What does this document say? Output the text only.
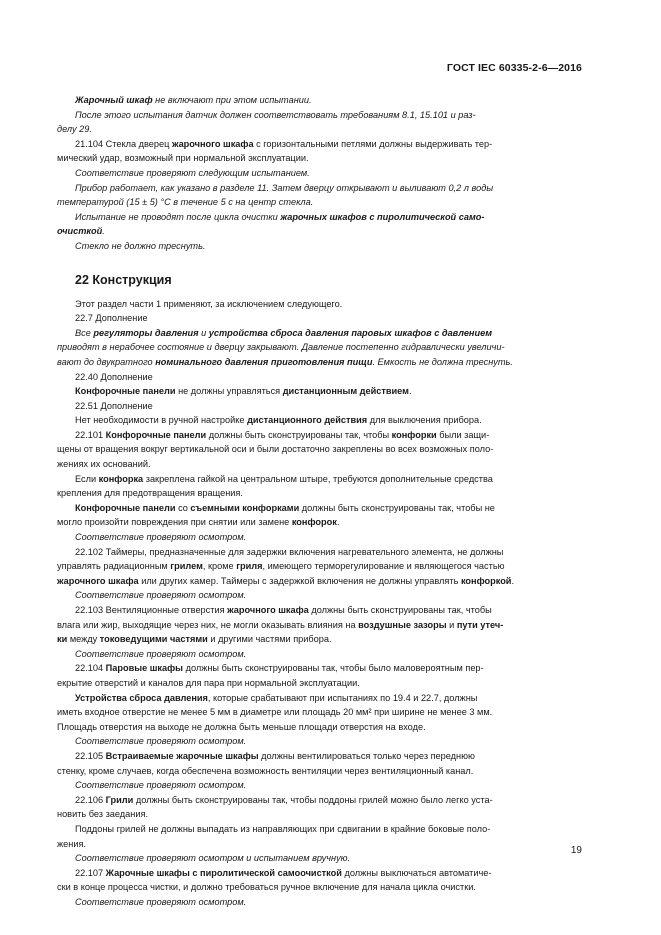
ГОСТ IEC 60335-2-6—2016

Жарочный шкаф не включают при этом испытании.

После этого испытания датчик должен соответствовать требованиям 8.1, 15.101 и раз-
делу 29.

21.104 Стекла дверец жарочного шкафа с горизонтальными петлями должны выдерживать тер-
мический удар, возможный при нормальной эксплуатации.

Соответствие проверяют следующим испытанием.

Прибор работает, как указано в разделе 11. Затем дверцу открывают и выливают 0,2 л воды
температурой (15 ± 5) °С в течение 5 с на центр стекла.

Испытание не проводят после цикла очистки жарочных шкафов с пиролитической само-
очисткой.

Стекло не должно треснуть.

22 Конструкция

Этот раздел части 1 применяют, за исключением следующего.

22.7 Дополнение

Все регуляторы давления и устройства сброса давления паровых шкафов с давлением
приводят в нерабочее состояние и дверцу закрывают. Давление постепенно гидравлически увеличи-
вают до двукратного номинального давления приготовления пищи. Емкость не должна треснуть.

22.40 Дополнение

Конфорочные панели не должны управляться дистанционным действием.

22.51 Дополнение

Нет необходимости в ручной настройке дистанционного действия для выключения прибора.

22.101 Конфорочные панели должны быть сконструированы так, чтобы конфорки были защи-
щены от вращения вокруг вертикальной оси и были достаточно закреплены во всех возможных поло-
жениях их оснований.

Если конфорка закреплена гайкой на центральном штыре, требуются дополнительные средства
крепления для предотвращения вращения.

Конфорочные панели со съемными конфорками должны быть сконструированы так, чтобы не
могло произойти повреждения при снятии или замене конфорок.

Соответствие проверяют осмотром.

22.102 Таймеры, предназначенные для задержки включения нагревательного элемента, не должны
управлять радиационным грилем, кроме гриля, имеющего терморегулирование и являющегося частью
жарочного шкафа или других камер. Таймеры с задержкой включения не должны управлять конфоркой.

Соответствие проверяют осмотром.

22.103 Вентиляционные отверстия жарочного шкафа должны быть сконструированы так, чтобы
влага или жир, выходящие через них, не могли оказывать влияния на воздушные зазоры и пути утеч-
ки между токоведущими частями и другими частями прибора.

Соответствие проверяют осмотром.

22.104 Паровые шкафы должны быть сконструированы так, чтобы было маловероятным пер-
екрытие отверстий и каналов для пара при нормальной эксплуатации.

Устройства сброса давления, которые срабатывают при испытаниях по 19.4 и 22.7, должны
иметь входное отверстие не менее 5 мм в диаметре или площадь 20 мм² при ширине не менее 3 мм.
Площадь отверстия на выходе не должна быть меньше площади отверстия на входе.

Соответствие проверяют осмотром.

22.105 Встраиваемые жарочные шкафы должны вентилироваться только через переднюю
стенку, кроме случаев, когда обеспечена возможность вентиляции через вентиляционный канал.

Соответствие проверяют осмотром.

22.106 Грили должны быть сконструированы так, чтобы поддоны грилей можно было легко уста-
новить без заедания.

Поддоны грилей не должны выпадать из направляющих при сдвигании в крайние боковые поло-
жения.

Соответствие проверяют осмотром и испытанием вручную.

22.107 Жарочные шкафы с пиролитической самоочисткой должны выключаться автоматиче-
ски в конце процесса чистки, и должно требоваться ручное включение для начала цикла очистки.

Соответствие проверяют осмотром.

19
